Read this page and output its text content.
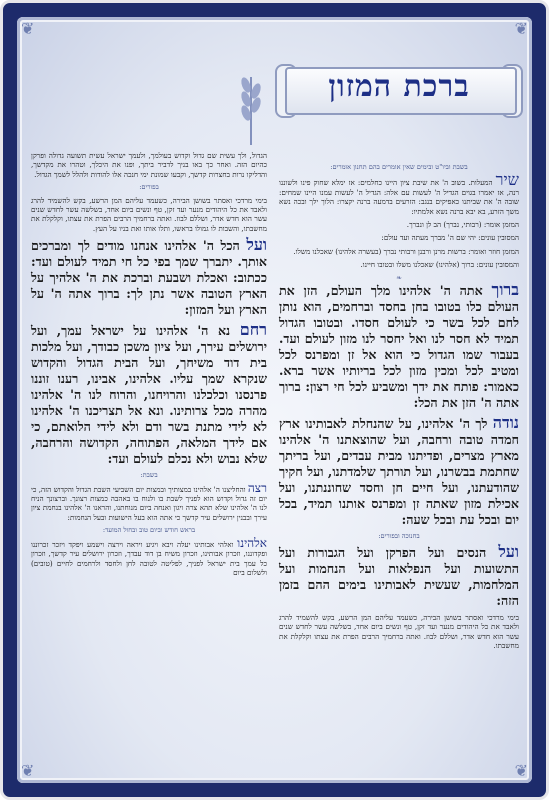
❦	❦
❦	❦
ברכת המזון

בשבת וביו"ט ובימים שאין אומרים בהם תחנון אומרים:

שיר המעלות. בשוב ה' את שיבת ציון היינו כחלמים: אז ימלא שחוק פינו ולשוננו רנה, אז יאמרו בגוים הגדיל ה' לעשות עם אלה: הגדיל ה' לעשות עמנו היינו שמחים: שובה ה' את שביתנו כאפיקים בנגב: הזרעים בדמעה ברנה יקצרו: הלוך ילך ובכה נשא משך הזרע, בא יבא ברנה נשא אלמתיו:

המזמן אומר: (רבותי, נברך) הב לן ונברך.

המסובין עונים: יהי שם ה' מברך מעתה ועד עולם:

המזמן חוזר ואומר: ברשות מרנן ורבנן ורבותי נברך (בעשרה אלהינו) שאכלנו משלו.

והמסובין עונים: ברוך (אלהינו) שאכלנו משלו ובטובו חיינו.

❧

ברוך אתה ה' אלהינו מלך העולם, הזן את העולם כלו בטובו בחן בחסד וברחמים, הוא נותן לחם לכל בשר כי לעולם חסדו. ובטובו הגדול תמיד לא חסר לנו ואל יחסר לנו מזון לעולם ועד. בעבור שמו הגדול כי הוא אל זן ומפרנס לכל ומטיב לכל ומכין מזון לכל בריותיו אשר ברא. כאמור: פותח את ידך ומשביע לכל חי רצון: ברוך אתה ה' הזן את הכל:

נודה לך ה' אלהינו, על שהנחלת לאבותינו ארץ חמדה טובה ורחבה, ועל שהוצאתנו ה' אלהינו מארץ מצרים, ופדיתנו מבית עבדים, ועל בריתך שחתמת בבשרנו, ועל תורתך שלמדתנו, ועל חקיך שהודעתנו, ועל חיים חן וחסד שחוננתנו, ועל אכילת מזון שאתה זן ומפרנס אותנו תמיד, בכל יום ובכל עת ובכל שעה:

בחנוכה ובפורים:

ועל הנסים ועל הפרקן ועל הגבורות ועל התשועות ועל הנפלאות ועל הנחמות ועל המלחמות, שעשית לאבותינו בימים ההם בזמן הזה:

בימי מרדכי ואסתר בשושן הבירה, כשעמד עליהם המן הרשע, בקש להשמיד להרג ולאבד את כל היהודים מנער ועד זקן, טף ונשים ביום אחד, בשלשה עשר לחדש שנים עשר הוא חדש אדר, ושללם לבוז. ואתה ברחמיך הרבים הפרת את עצתו וקלקלת את מחשבתו.

הגדול, ולך עשית שם גדול וקדוש בעולמך, ולעמך ישראל עשית תשועה גדולה ופרקן כהיום הזה. ואחר כך באו בניך לדביר ביתך, ופנו את היכלך, וטהרו את מקדשך, והדליקו נרות בחצרות קדשך, וקבעו שמונת ימי חנכה אלו להודות ולהלל לשמך הגדול.

בפורים:

בימי מרדכי ואסתר בשושן הבירה, כשעמד עליהם המן הרשע, בקש להשמיד להרג ולאבד את כל היהודים מנער ועד זקן, טף ונשים ביום אחד, בשלשה עשר לחדש שנים עשר הוא חדש אדר, ושללם לבוז. ואתה ברחמיך הרבים הפרת את עצתו, וקלקלת את מחשבתו, והשבות לו גמולו בראשו, ותלו אותו ואת בניו על העץ.

ועל הכל ה' אלהינו אנחנו מודים לך ומברכים אותך. יתברך שמך בפי כל חי תמיד לעולם ועד: ככתוב: ואכלת ושבעת וברכת את ה' אלהיך על הארץ הטובה אשר נתן לך: ברוך אתה ה' על הארץ ועל המזון:

רחם נא ה' אלהינו על ישראל עמך, ועל ירושלים עירך, ועל ציון משכן כבודך, ועל מלכות בית דוד משיחך, ועל הבית הגדול והקדוש שנקרא שמך עליו. אלהינו, אבינו, רענו זוננו פרנסנו וכלכלנו והרויחנו, והרוח לנו ה' אלהינו מהרה מכל צרותינו. ונא אל תצריכנו ה' אלהינו לא לידי מתנת בשר ודם ולא לידי הלואתם, כי אם לידך המלאה, הפתוחה, הקדושה והרחבה, שלא נבוש ולא נכלם לעולם ועד:

בשבת:

רצה והחליצנו ה' אלהינו במצותיך ובמצות יום השביעי השבת הגדול והקדוש הזה, כי יום זה גדול וקדוש הוא לפניך לשבת בו ולנוח בו באהבה כמצות רצונך. וברצונך הניח לנו ה' אלהינו שלא תהא צרה ויגון ואנחה ביום מנוחתנו, והראנו ה' אלהינו בנחמת ציון עירך ובבנין ירושלים עיר קדשך כי אתה הוא בעל הישועות ובעל הנחמות:

בראש חודש וביום טוב ובחול המועד:

אלהינו ואלהי אבותינו יעלה ויבא ויגיע ויראה וירצה וישמע ויפקד ויזכר זכרוננו ופקדוננו, וזכרון אבותינו, וזכרון משיח בן דוד עבדך, וזכרון ירושלים עיר קדשך, וזכרון כל עמך בית ישראל לפניך, לפליטה לטובה לחן ולחסד ולרחמים לחיים (טובים) ולשלום ביום
